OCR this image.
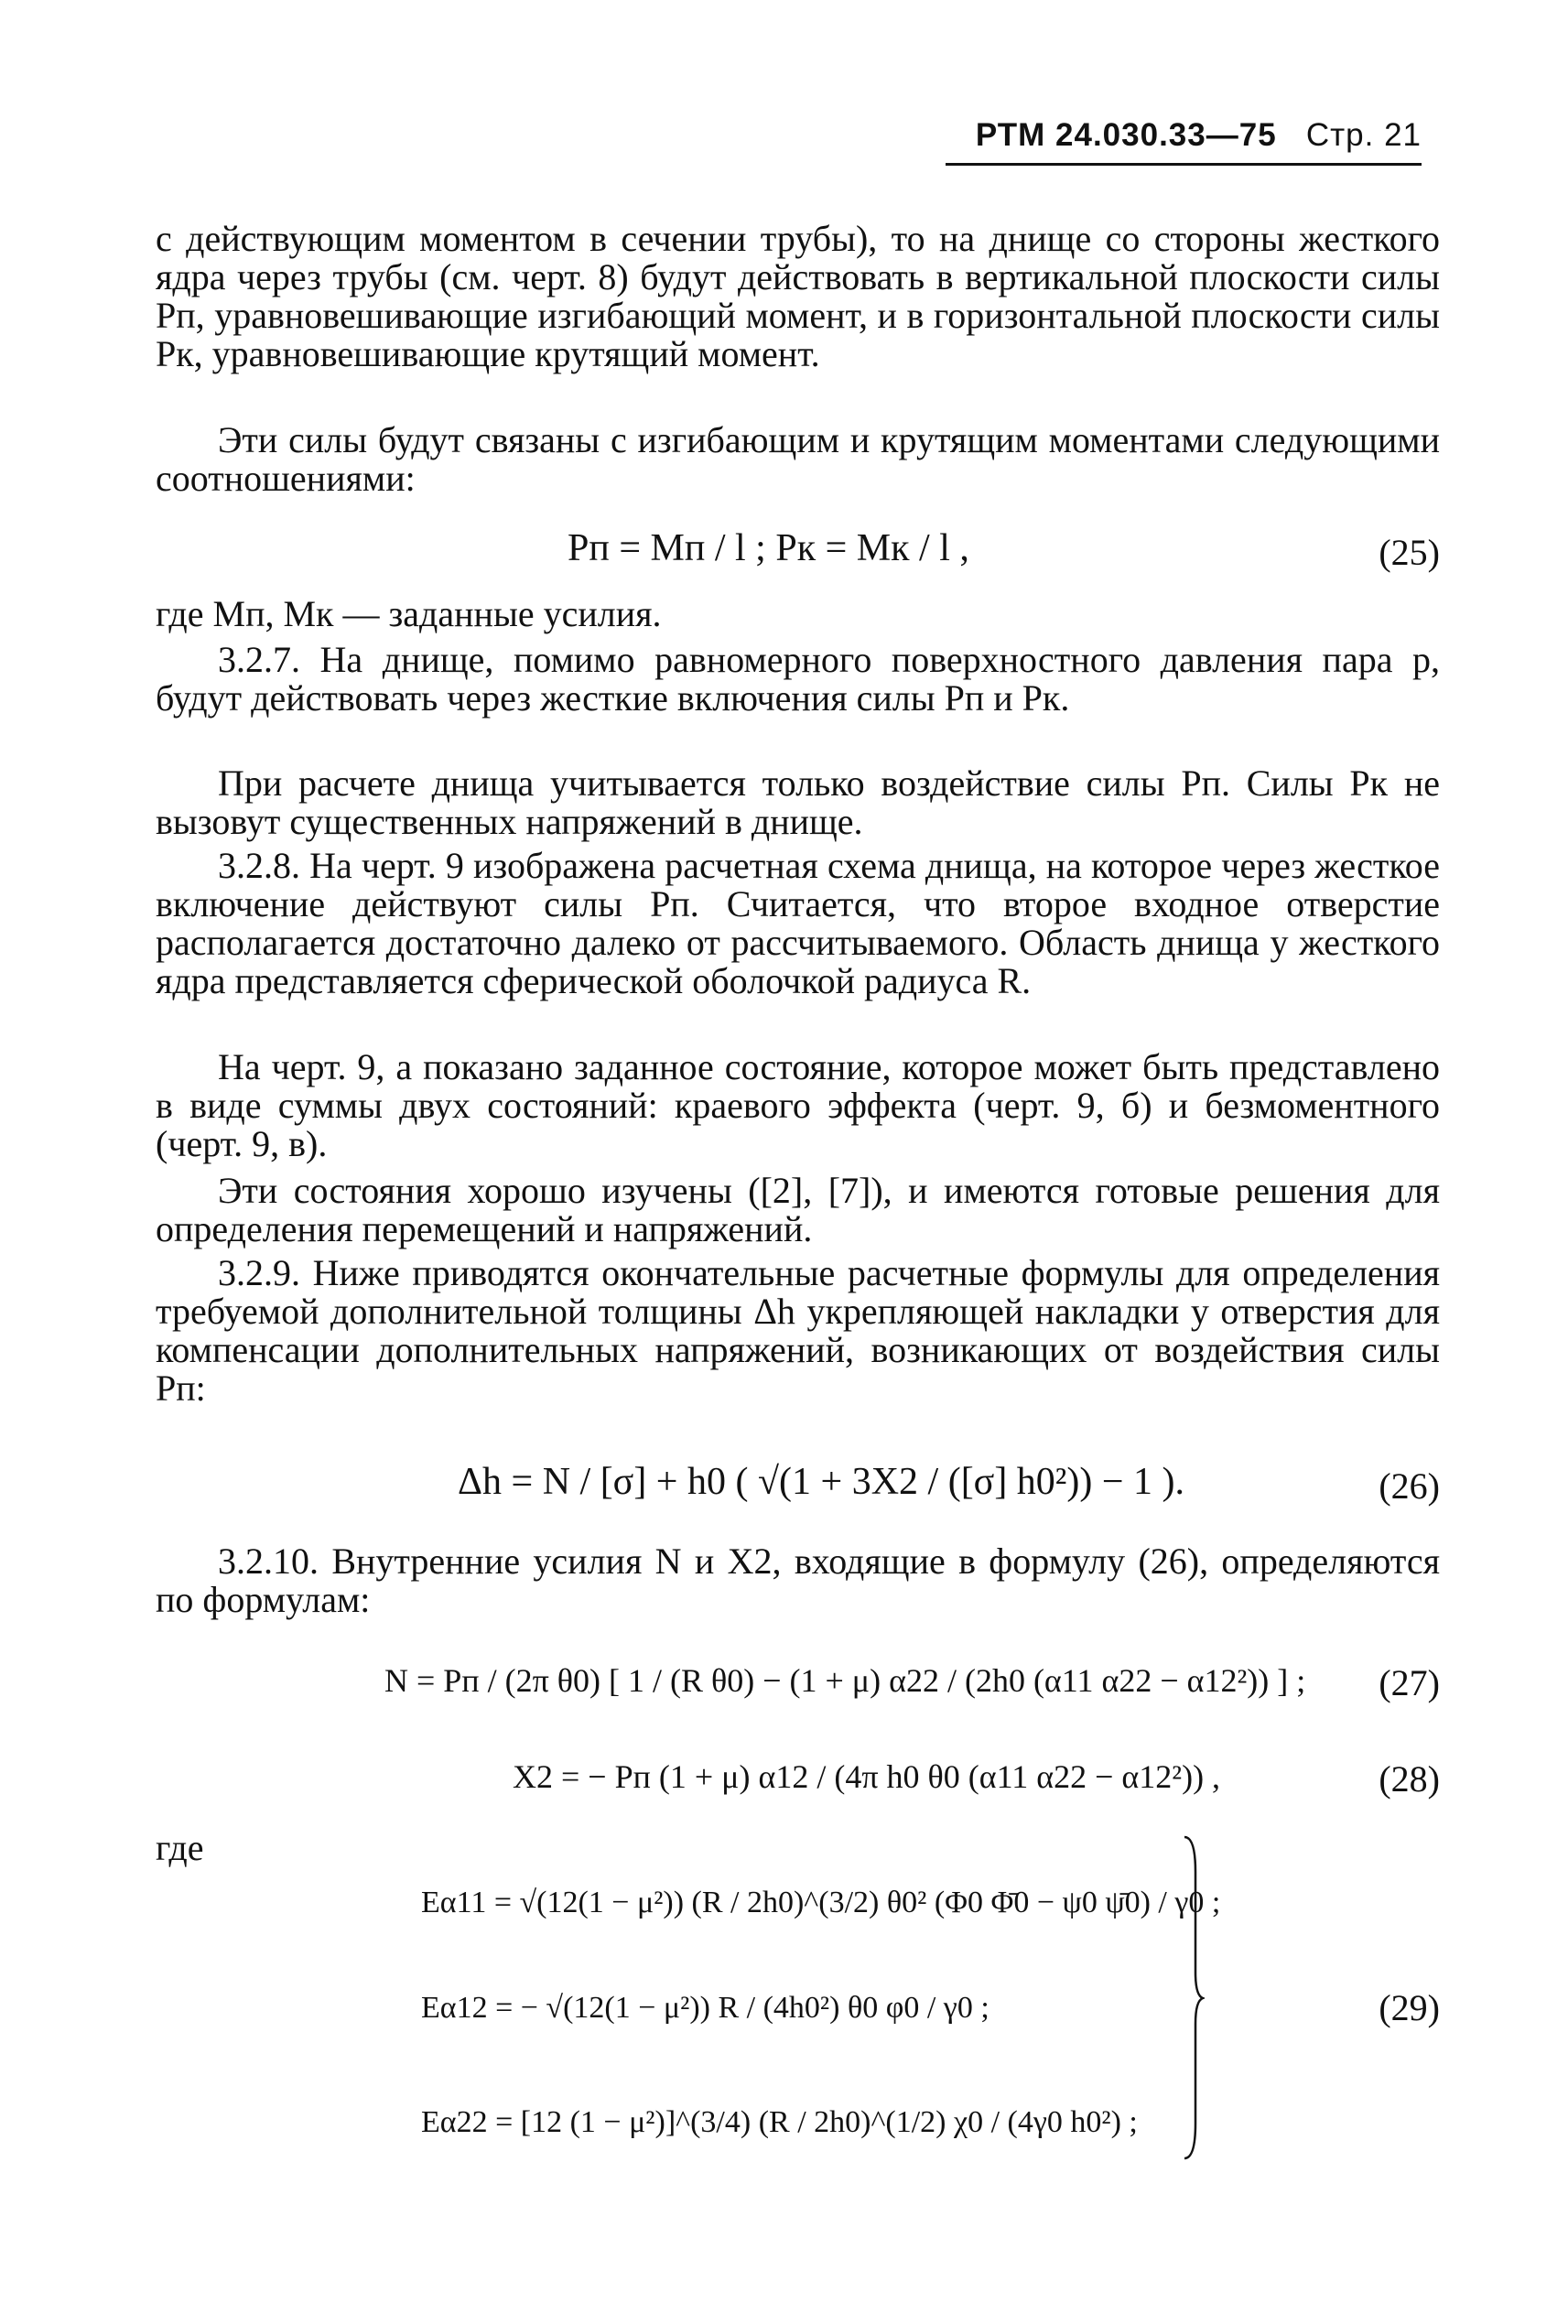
РТМ 24.030.33—75 Стр. 21

с действующим моментом в сечении трубы), то на днище со стороны жесткого ядра через трубы (см. черт. 8) будут действовать в вертикальной плоскости силы Pп, уравновешивающие изгибающий момент, и в горизонтальной плоскости силы Pк, уравновешивающие крутящий момент.

Эти силы будут связаны с изгибающим и крутящим моментами следующими соотношениями:

Pп = Mп / l ; Pк = Mк / l ,	(25)

где Mп, Mк — заданные усилия.

3.2.7. На днище, помимо равномерного поверхностного давления пара p, будут действовать через жесткие включения силы Pп и Pк.

При расчете днища учитывается только воздействие силы Pп. Силы Pк не вызовут существенных напряжений в днище.

3.2.8. На черт. 9 изображена расчетная схема днища, на которое через жесткое включение действуют силы Pп. Считается, что второе входное отверстие располагается достаточно далеко от рассчитываемого. Область днища у жесткого ядра представляется сферической оболочкой радиуса R.

На черт. 9, а показано заданное состояние, которое может быть представлено в виде суммы двух состояний: краевого эффекта (черт. 9, б) и безмоментного (черт. 9, в).

Эти состояния хорошо изучены ([2], [7]), и имеются готовые решения для определения перемещений и напряжений.

3.2.9. Ниже приводятся окончательные расчетные формулы для определения требуемой дополнительной толщины Δh укрепляющей накладки у отверстия для компенсации дополнительных напряжений, возникающих от воздействия силы Pп:

Δh = N / [σ] + h0 ( √(1 + 3X2 / ([σ] h0²)) − 1 ).	(26)

3.2.10. Внутренние усилия N и X2, входящие в формулу (26), определяются по формулам:

N = Pп / (2π θ0) [ 1 / (R θ0) − (1 + μ) α22 / (2h0 (α11 α22 − α12²)) ] ; (27)
X2 = − Pп (1 + μ) α12 / (4π h0 θ0 (α11 α22 − α12²)) ,	(28)
где
Eα11 = √(12(1 − μ²)) (R / 2h0)^(3/2) θ0² (Φ0 Φ̄0 − ψ0 ψ̄0) / γ0 ;
Eα12 = − √(12(1 − μ²)) R / (4h0²) θ0 φ0 / γ0 ;
Eα22 = [12 (1 − μ²)]^(3/4) (R / 2h0)^(1/2) χ0 / (4γ0 h0²) ;
(29)
